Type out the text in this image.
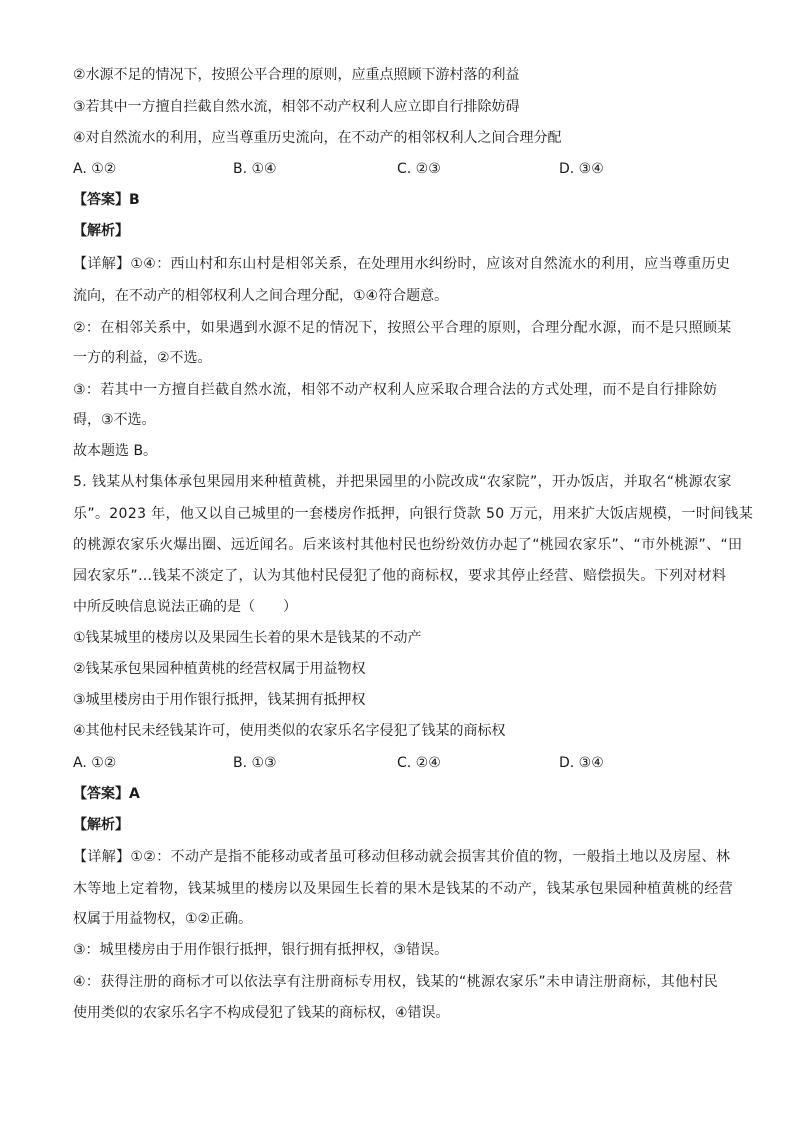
②水源不足的情况下，按照公平合理的原则，应重点照顾下游村落的利益
③若其中一方擅自拦截自然水流，相邻不动产权利人应立即自行排除妨碍
④对自然流水的利用，应当尊重历史流向，在不动产的相邻权利人之间合理分配
A. ①②	B. ①④	C. ②③	D. ③④
【答案】B
【解析】
【详解】①④：西山村和东山村是相邻关系，在处理用水纠纷时，应该对自然流水的利用，应当尊重历史
流向，在不动产的相邻权利人之间合理分配，①④符合题意。
②：在相邻关系中，如果遇到水源不足的情况下，按照公平合理的原则，合理分配水源，而不是只照顾某
一方的利益，②不选。
③：若其中一方擅自拦截自然水流，相邻不动产权利人应采取合理合法的方式处理，而不是自行排除妨
碍，③不选。
故本题选 B。
5. 钱某从村集体承包果园用来种植黄桃，并把果园里的小院改成“农家院”，开办饭店，并取名“桃源农家
乐”。2023 年，他又以自己城里的一套楼房作抵押，向银行贷款 50 万元，用来扩大饭店规模，一时间钱某
的桃源农家乐火爆出圈、远近闻名。后来该村其他村民也纷纷效仿办起了“桃园农家乐”、“市外桃源”、“田
园农家乐”…钱某不淡定了，认为其他村民侵犯了他的商标权，要求其停止经营、赔偿损失。下列对材料
中所反映信息说法正确的是（　　）
①钱某城里的楼房以及果园生长着的果木是钱某的不动产
②钱某承包果园种植黄桃的经营权属于用益物权
③城里楼房由于用作银行抵押，钱某拥有抵押权
④其他村民未经钱某许可，使用类似的农家乐名字侵犯了钱某的商标权
A. ①②	B. ①③	C. ②④	D. ③④
【答案】A
【解析】
【详解】①②：不动产是指不能移动或者虽可移动但移动就会损害其价值的物，一般指土地以及房屋、林
木等地上定着物，钱某城里的楼房以及果园生长着的果木是钱某的不动产，钱某承包果园种植黄桃的经营
权属于用益物权，①②正确。
③：城里楼房由于用作银行抵押，银行拥有抵押权，③错误。
④：获得注册的商标才可以依法享有注册商标专用权，钱某的“桃源农家乐”未申请注册商标，其他村民
使用类似的农家乐名字不构成侵犯了钱某的商标权，④错误。
